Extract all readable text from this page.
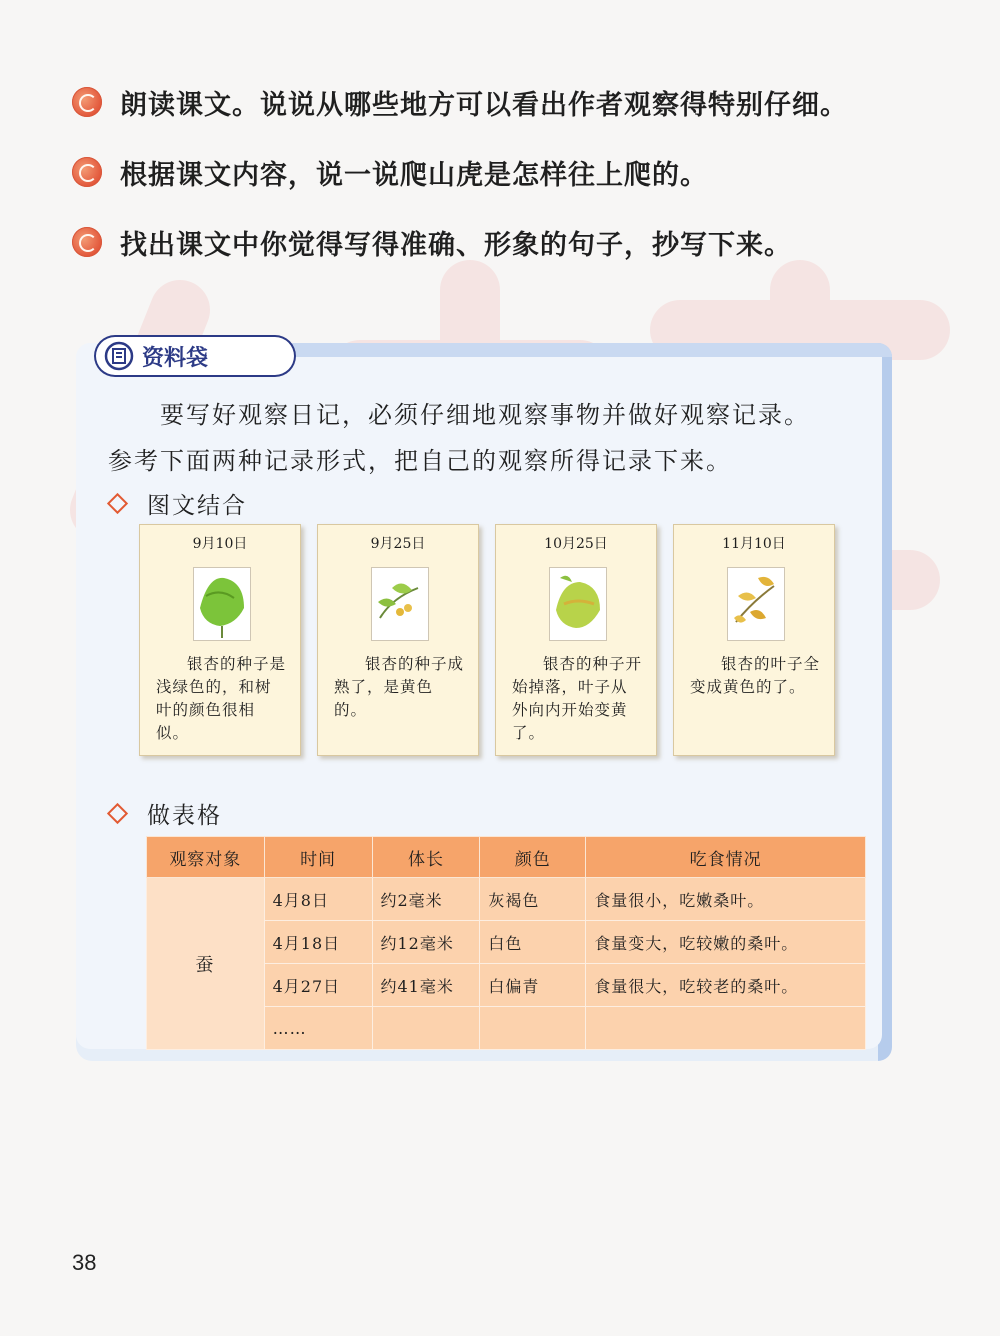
朗读课文。说说从哪些地方可以看出作者观察得特别仔细。
根据课文内容，说一说爬山虎是怎样往上爬的。
找出课文中你觉得写得准确、形象的句子，抄写下来。
资料袋
要写好观察日记，必须仔细地观察事物并做好观察记录。
参考下面两种记录形式，把自己的观察所得记录下来。
图文结合
9月10日
银杏的种子是浅绿色的，和树叶的颜色很相似。
9月25日
银杏的种子成熟了，是黄色的。
10月25日
银杏的种子开始掉落，叶子从外向内开始变黄了。
11月10日
银杏的叶子全变成黄色的了。
做表格
观察对象	时间	体长	颜色	吃食情况
蚕	4月8日	约2毫米	灰褐色	食量很小，吃嫩桑叶。
	4月18日	约12毫米	白色	食量变大，吃较嫩的桑叶。
	4月27日	约41毫米	白偏青	食量很大，吃较老的桑叶。
	……			
38
